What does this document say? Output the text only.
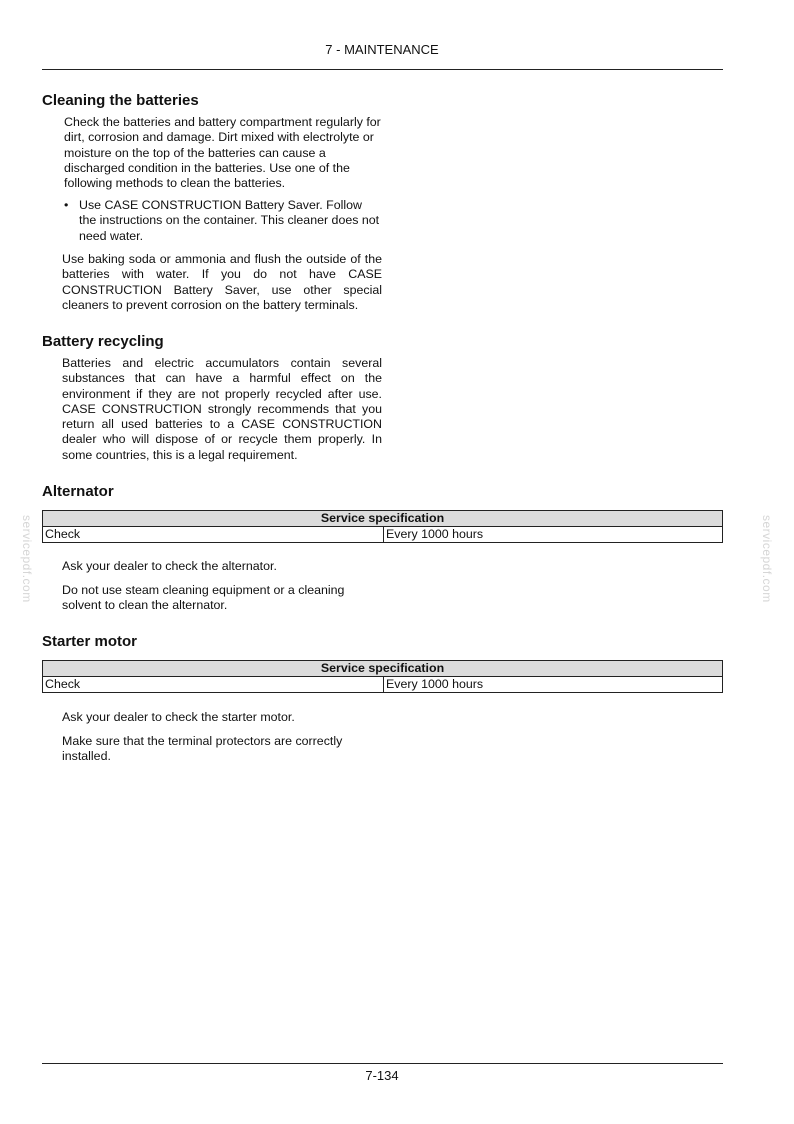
7 - MAINTENANCE
Cleaning the batteries

Check the batteries and battery compartment regularly for dirt, corrosion and damage. Dirt mixed with electrolyte or moisture on the top of the batteries can cause a discharged condition in the batteries. Use one of the following methods to clean the batteries.

• Use CASE CONSTRUCTION Battery Saver. Follow the instructions on the container. This cleaner does not need water.

Use baking soda or ammonia and flush the outside of the batteries with water. If you do not have CASE CONSTRUCTION Battery Saver, use other special cleaners to prevent corrosion on the battery terminals.

Battery recycling

Batteries and electric accumulators contain several substances that can have a harmful effect on the environment if they are not properly recycled after use. CASE CONSTRUCTION strongly recommends that you return all used batteries to a CASE CONSTRUCTION dealer who will dispose of or recycle them properly. In some countries, this is a legal requirement.

Alternator
Service specification
Check	Every 1000 hours

Ask your dealer to check the alternator.

Do not use steam cleaning equipment or a cleaning solvent to clean the alternator.

Starter motor
Service specification
Check	Every 1000 hours

Ask your dealer to check the starter motor.

Make sure that the terminal protectors are correctly installed.

servicepdf.com	servicepdf.com
7-134
